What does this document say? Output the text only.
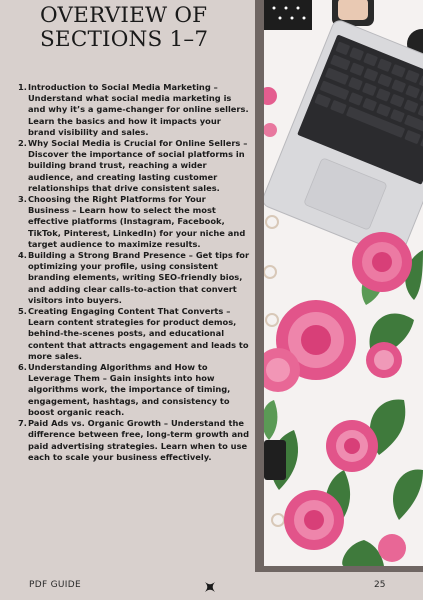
OVERVIEW OF
SECTIONS 1–7
1. Introduction to Social Media Marketing – Understand what social media marketing is and why it’s a game-changer for online sellers. Learn the basics and how it impacts your brand visibility and sales.
2. Why Social Media is Crucial for Online Sellers – Discover the importance of social platforms in building brand trust, reaching a wider audience, and creating lasting customer relationships that drive consistent sales.
3. Choosing the Right Platforms for Your Business – Learn how to select the most effective platforms (Instagram, Facebook, TikTok, Pinterest, LinkedIn) for your niche and target audience to maximize results.
4. Building a Strong Brand Presence – Get tips for optimizing your profile, using consistent branding elements, writing SEO-friendly bios, and adding clear calls-to-action that convert visitors into buyers.
5. Creating Engaging Content That Converts – Learn content strategies for product demos, behind-the-scenes posts, and educational content that attracts engagement and leads to more sales.
6. Understanding Algorithms and How to Leverage Them – Gain insights into how algorithms work, the importance of timing, engagement, hashtags, and consistency to boost organic reach.
7. Paid Ads vs. Organic Growth – Understand the difference between free, long-term growth and paid advertising strategies. Learn when to use each to scale your business effectively.
PDF GUIDE	25
